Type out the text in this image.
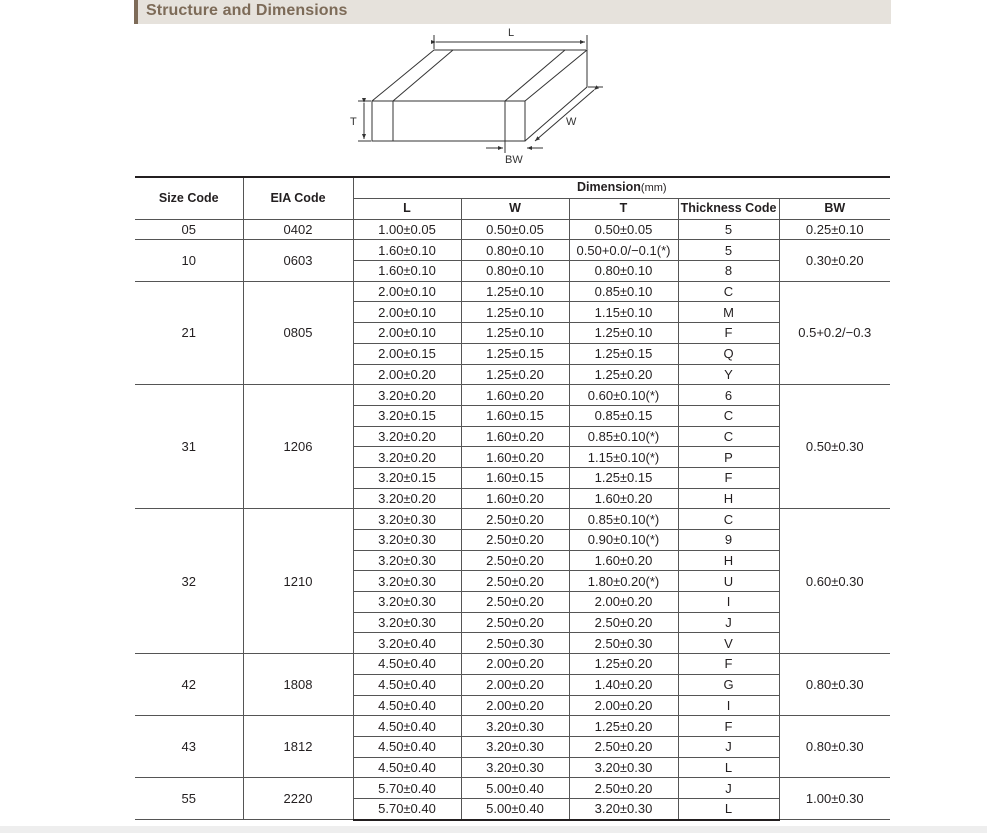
Structure and Dimensions
L
T	W
BW
Size Code	EIA Code	Dimension(mm)				
		L	W	T	Thickness Code	BW
05	0402	1.00±0.05	0.50±0.05	0.50±0.05	5	0.25±0.10
10	0603	1.60±0.10	0.80±0.10	0.50+0.0/−0.1(*)	5	0.30±0.20
		1.60±0.10	0.80±0.10	0.80±0.10	8	
21	0805	2.00±0.10	1.25±0.10	0.85±0.10	C	0.5+0.2/−0.3
		2.00±0.10	1.25±0.10	1.15±0.10	M	
		2.00±0.10	1.25±0.10	1.25±0.10	F	
		2.00±0.15	1.25±0.15	1.25±0.15	Q	
		2.00±0.20	1.25±0.20	1.25±0.20	Y	
31	1206	3.20±0.20	1.60±0.20	0.60±0.10(*)	6	0.50±0.30
		3.20±0.15	1.60±0.15	0.85±0.15	C	
		3.20±0.20	1.60±0.20	0.85±0.10(*)	C	
		3.20±0.20	1.60±0.20	1.15±0.10(*)	P	
		3.20±0.15	1.60±0.15	1.25±0.15	F	
		3.20±0.20	1.60±0.20	1.60±0.20	H	
32	1210	3.20±0.30	2.50±0.20	0.85±0.10(*)	C	0.60±0.30
		3.20±0.30	2.50±0.20	0.90±0.10(*)	9	
		3.20±0.30	2.50±0.20	1.60±0.20	H	
		3.20±0.30	2.50±0.20	1.80±0.20(*)	U	
		3.20±0.30	2.50±0.20	2.00±0.20	I	
		3.20±0.30	2.50±0.20	2.50±0.20	J	
		3.20±0.40	2.50±0.30	2.50±0.30	V	
42	1808	4.50±0.40	2.00±0.20	1.25±0.20	F	0.80±0.30
		4.50±0.40	2.00±0.20	1.40±0.20	G	
		4.50±0.40	2.00±0.20	2.00±0.20	I	
43	1812	4.50±0.40	3.20±0.30	1.25±0.20	F	0.80±0.30
		4.50±0.40	3.20±0.30	2.50±0.20	J	
		4.50±0.40	3.20±0.30	3.20±0.30	L	
55	2220	5.70±0.40	5.00±0.40	2.50±0.20	J	1.00±0.30
		5.70±0.40	5.00±0.40	3.20±0.30	L	
